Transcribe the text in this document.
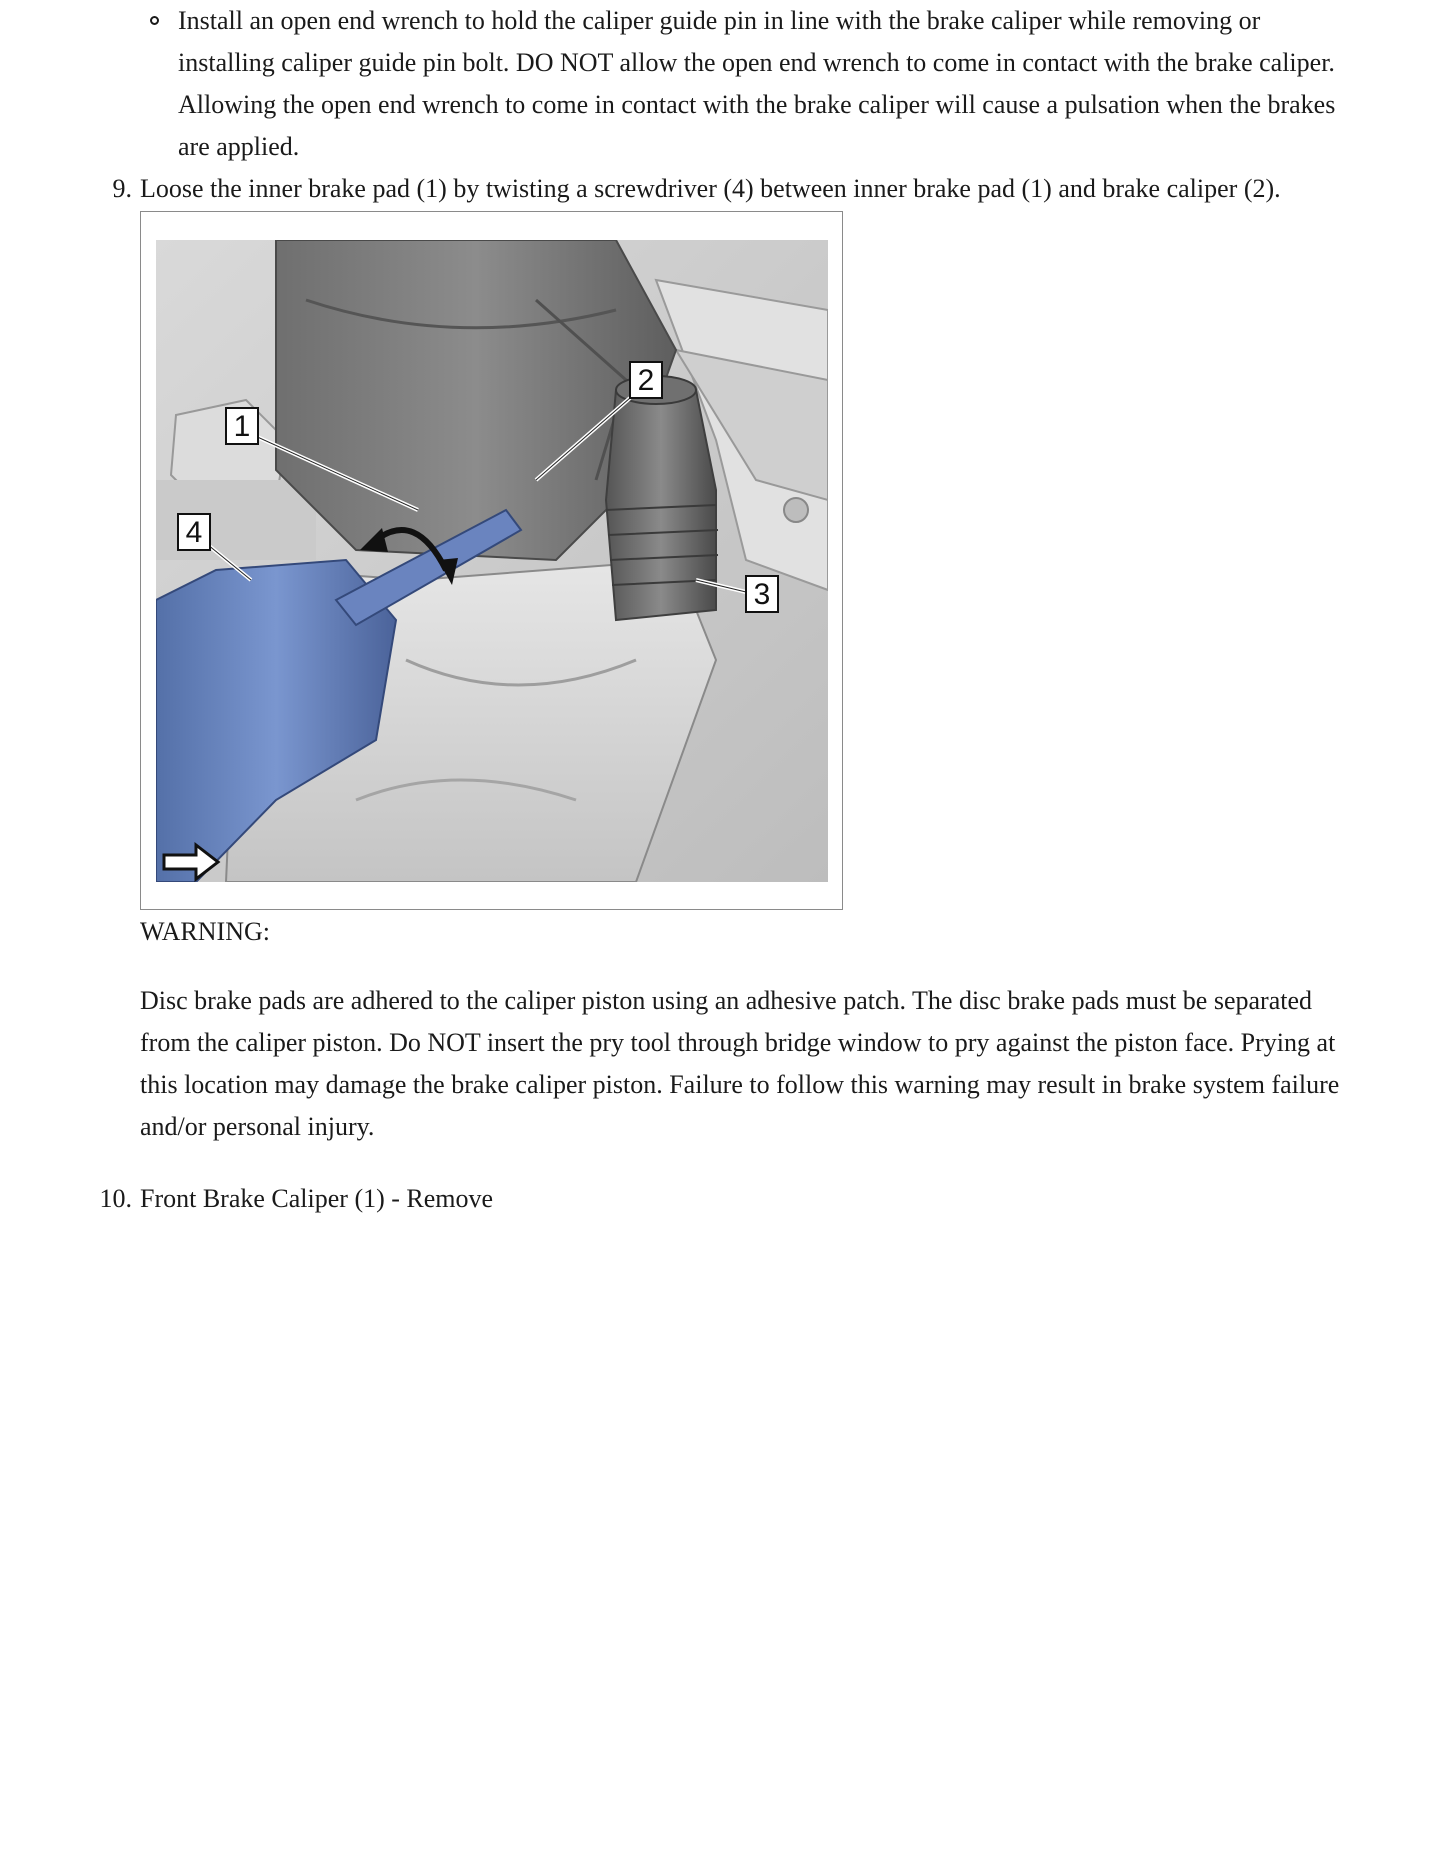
Install an open end wrench to hold the caliper guide pin in line with the brake caliper while removing or installing caliper guide pin bolt. DO NOT allow the open end wrench to come in contact with the brake caliper. Allowing the open end wrench to come in contact with the brake caliper will cause a pulsation when the brakes are applied.
9. Loose the inner brake pad (1) by twisting a screwdriver (4) between inner brake pad (1) and brake caliper (2).
1
2
3
4
WARNING:
Disc brake pads are adhered to the caliper piston using an adhesive patch. The disc brake pads must be separated from the caliper piston. Do NOT insert the pry tool through bridge window to pry against the piston face. Prying at this location may damage the brake caliper piston. Failure to follow this warning may result in brake system failure and/or personal injury.
10. Front Brake Caliper (1) - Remove
